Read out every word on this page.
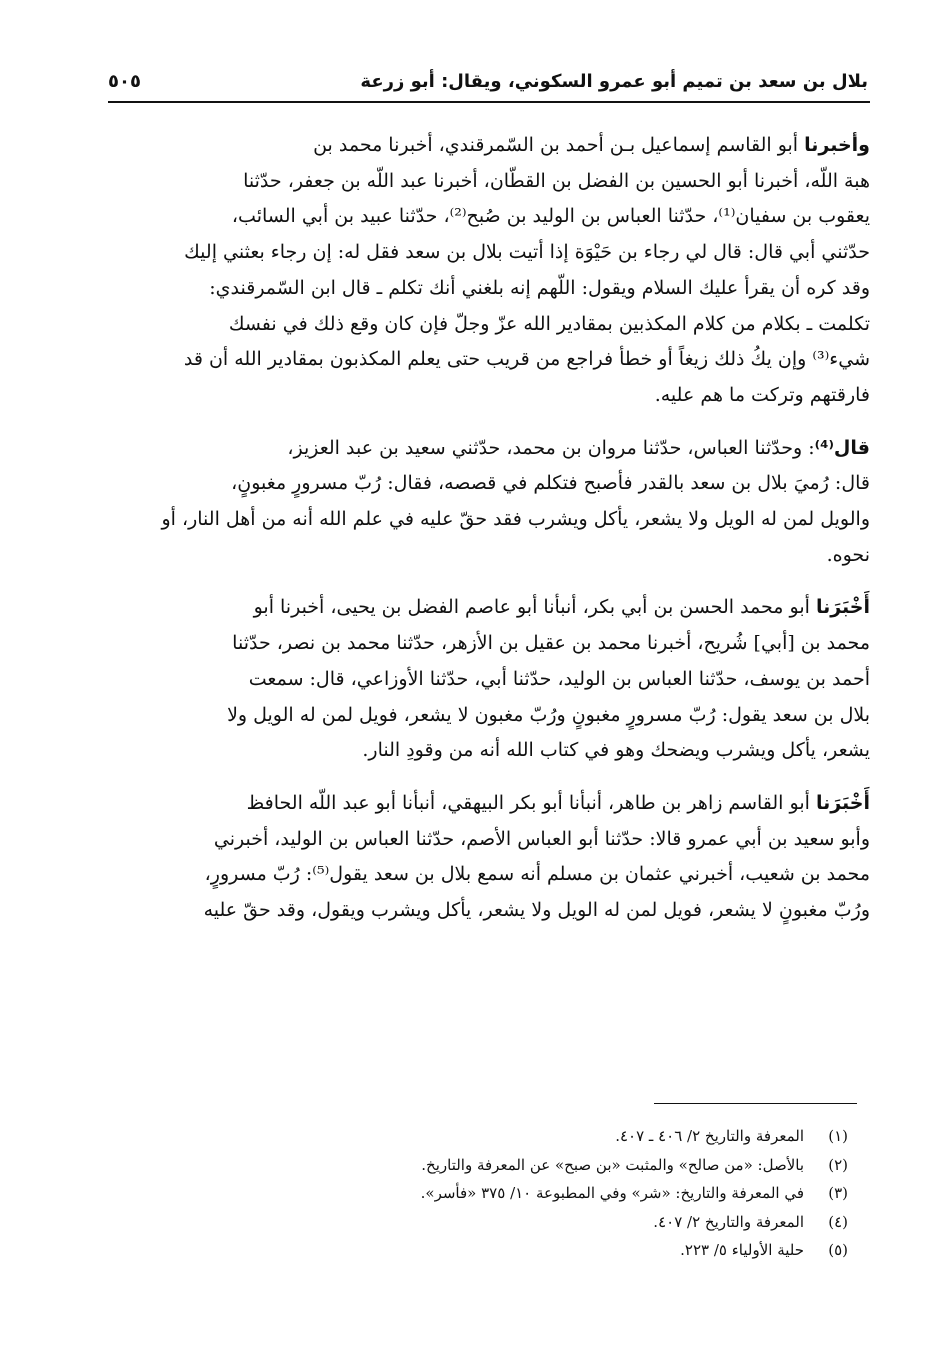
٥٠٥	بلال بن سعد بن تميم أبو عمرو السكوني، ويقال: أبو زرعة
وأخبرنا أبو القاسم إسماعيل بـن أحمد بن السّمرقندي، أخبرنا محمد بن
هبة اللّه، أخبرنا أبو الحسين بن الفضل بن القطّان، أخبرنا عبد اللّه بن جعفر، حدّثنا
يعقوب بن سفيان⁽¹⁾، حدّثنا العباس بن الوليد بن صُبح⁽²⁾، حدّثنا عبيد بن أبي السائب،
حدّثني أبي قال: قال لي رجاء بن حَيْوَة إذا أتيت بلال بن سعد فقل له: إن رجاء بعثني إليك
وقد كره أن يقرأ عليك السلام ويقول: اللّهم إنه بلغني أنك تكلم ـ قال ابن السّمرقندي:
تكلمت ـ بكلام من كلام المكذبين بمقادير الله عزّ وجلّ فإن كان وقع ذلك في نفسك
شيء⁽³⁾ وإن يكُ ذلك زيغاً أو خطأ فراجع من قريب حتى يعلم المكذبون بمقادير الله أن قد
فارقتهم وتركت ما هم عليه.
قال⁽⁴⁾: وحدّثنا العباس، حدّثنا مروان بن محمد، حدّثني سعيد بن عبد العزيز،
قال: رُميَ بلال بن سعد بالقدر فأصبح فتكلم في قصصه، فقال: رُبّ مسرورٍ مغبونٍ،
والويل لمن له الويل ولا يشعر، يأكل ويشرب فقد حقّ عليه في علم الله أنه من أهل النار، أو
نحوه.
أَخْبَرَنا أبو محمد الحسن بن أبي بكر، أنبأنا أبو عاصم الفضل بن يحيى، أخبرنا أبو
محمد بن [أبي] شُريح، أخبرنا محمد بن عقيل بن الأزهر، حدّثنا محمد بن نصر، حدّثنا
أحمد بن يوسف، حدّثنا العباس بن الوليد، حدّثنا أبي، حدّثنا الأوزاعي، قال: سمعت
بلال بن سعد يقول: رُبّ مسرورٍ مغبونٍ ورُبّ مغبون لا يشعر، فويل لمن له الويل ولا
يشعر، يأكل ويشرب ويضحك وهو في كتاب الله أنه من وقودِ النار.
أَخْبَرَنا أبو القاسم زاهر بن طاهر، أنبأنا أبو بكر البيهقي، أنبأنا أبو عبد اللّه الحافظ
وأبو سعيد بن أبي عمرو قالا: حدّثنا أبو العباس الأصم، حدّثنا العباس بن الوليد، أخبرني
محمد بن شعيب، أخبرني عثمان بن مسلم أنه سمع بلال بن سعد يقول⁽⁵⁾: رُبّ مسرورٍ،
ورُبّ مغبونٍ لا يشعر، فويل لمن له الويل ولا يشعر، يأكل ويشرب ويقول، وقد حقّ عليه
(١)
المعرفة والتاريخ ٢/ ٤٠٦ ـ ٤٠٧.
(٢)
بالأصل: «من صالح» والمثبت «بن صبح» عن المعرفة والتاريخ.
(٣)
في المعرفة والتاريخ: «شر» وفي المطبوعة ١٠/ ٣٧٥ «فأسر».
(٤)
المعرفة والتاريخ ٢/ ٤٠٧.
(٥)
حلية الأولياء ٥/ ٢٢٣.
